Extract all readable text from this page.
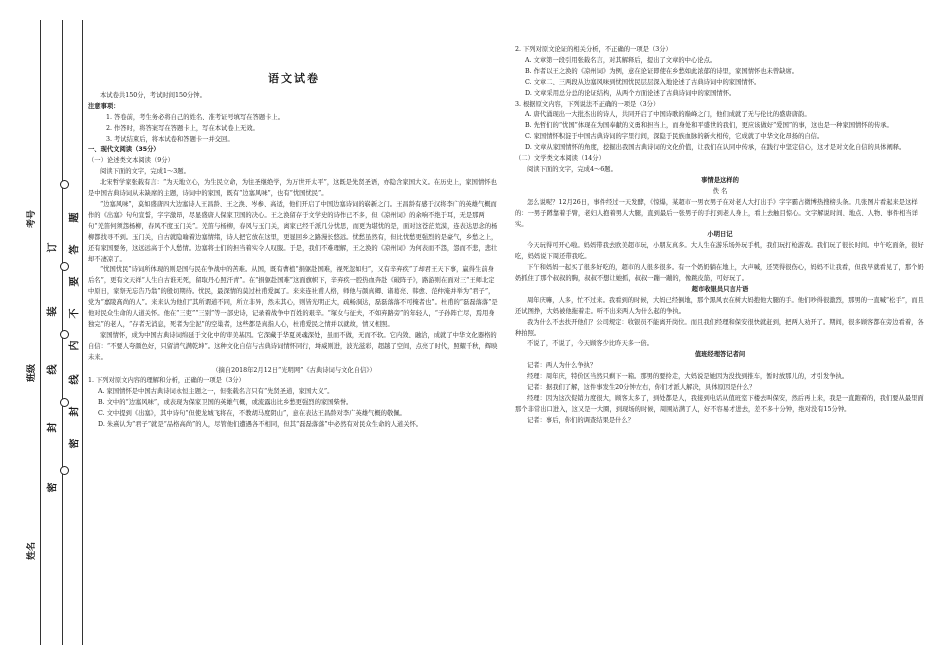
考号
班级
姓名
题
答
要
不
内
线
封
密
订
装
线
封
密
语文试卷

本试卷共150分，考试时间150分钟。

注意事项：

1. 答卷前，考生务必将自己的姓名、准考证号填写在答题卡上。

2. 作答时，将答案写在答题卡上，写在本试卷上无效。

3. 考试结束后，将本试卷和答题卡一并交回。

一、现代文阅读（35分）

（一）论述类文本阅读（9分）

阅读下面的文字，完成1～3题。

北宋哲学家张载有言：“为天地立心，为生民立命，为往圣继绝学，为万世开太平”，这既是先贤圣语，亦隐含家国大义。在历史上，家国情怀也是中国古典诗词从未缺席的主题，诗词中的家国，既有“边塞风味”，也有“忧国忧民”。

“边塞风味”，莫如盛唐四大边塞诗人王昌龄、王之涣、岑参、高适，他们开启了中国边塞诗词的崭新之门。王昌龄有感于汉将李广的英雄气概而作的《出塞》句句宣誓，字字激昂，尽显盛唐人保家卫国的决心。王之涣留存于文学史的诗作已不多，但《凉州词》的余响不绝于耳，无是那两句“羌笛何须怨杨柳，春风不度玉门关”。羌笛与杨柳，春风与玉门关，离家已经千派几分忧思，而更为堪忧的是，面对这苍茫荒漠，连表达思念的杨柳都找寻不到。玉门关，自古就隐喻着边塞情绪，诗人把它放在这里，更显回乡之路漫长悠远。忧愁虽然有，但比忧愁更强烈的是豪气，乡愁之上，还有家国要务，这远远高于个人愁情。边塞将士们的担当着实令人叹服。于是，我们不难理解，王之涣的《凉州词》为何表而不怨，怨而不悲，悲壮却不凄凉了。

“忧国忧民”诗词所体现的则是国与民在争战中的苦难。从国，既有曹植“捐躯赴国难，视死忽如归”，又有辛弃疾“了却君王天下事，赢得生前身后名”，更有文天祥“人生自古谁无死，留取丹心照汗青”。在“捐躯赴国难”这面旗帜下，辛弃疾一腔热血奔赴《破阵子》，路游则在面对三“王师北定中原日，家祭无忘告乃翁”的殷切期待。忧民，最深情的莫过杜甫爱属了。来来连社甫人格，师他与颜真卿、诸葛亮、韩愈、范仲淹并举为“君子”，党为“嘉陵髙尚的人”。来来认为他们“其所谓道不同，所立非异，然未其心，则皆光明正大，疏畅洞达，磊磊落落不可掩者也”。杜甫的“磊磊落落”是他对民众生命的人道关怀。他在“三吏”“三别”等一部史诗，记录着战争中百姓的艰辛。“塚女与征夫，不如弃路旁”的年轻人，“子孙阵亡尽，焉用身独完”的老人，“存者无消息，死者为尘泥”的空巢者，这些都是真指人心，杜甫爱民之情并以就故，情又相照。

家国情怀，成为中国古典诗词绵延于文化中的审美基因。它深藏于华夏灵魂深处，虽而不做，无而不软。它内敛、融洽，成就了中华文化器格的自信：“不要人夸颜色好，只留清气满乾坤”。这种文化自信与古典诗词情怀同行，埓威则进，波光滋彩，超越了空间，点亮了时代，照耀千秋，辉映未来。

（摘自2018年2月12日“光明网”《古典诗词与文化自信》）

1. 下列对原文内容的理解和分析，正确的一项是（3分）

A. 家国情怀是中国古典诗词永恒主题之一，但张载名言只有“先贤圣道，家国大义”。

B. 文中的“边塞风味”，或表现为保家卫国的英雄气概，或流露出比乡愁更强烈的家国柴誉。

C. 文中提到《出塞》，其中诗句“但使龙城飞将在，不教胡马度阴山”，意在表达王昌龄对李广英雄气概的敬佩。

D. 朱熹认为“君子”就是“品格高尚”的人，尽管他们遭遇各不相同，但其“磊磊落落”中必然有对民众生命的人道关怀。

2. 下列对原文论证的相关分析，不正确的一项是（3分）

A. 文章第一段引用张载名言，对其解释后，提出了文章的中心论点。

B. 作者以王之涣的《凉州词》为例，意在论证即使在乡愁如此浓郁的诗里，家国情怀也未曾缺席。

C. 文章二、三两段从边塞风味到忧国忧民层层深入地论述了古典诗词中的家国情怀。

D. 文章采用总分总的论证结构，从两个方面论述了古典诗词中的家国情怀。

3. 根据原文内容，下列说法不正确的一项是（3分）

A. 唐代涌现出一大批杰出的诗人，共同开启了中国诗歌的巅峰之门，他们成就了无与伦比的盛唐唐韵。

B. 先哲们的“忧国”体现在为国奉献的义勇和担当上，而身处和平盛世的我们，更应该做好“爱国”的事，这也是一种家国情怀的传承。

C. 家国情怀积淀于中国古典诗词的字里行间，深隐于民族血脉的新火相传，它成就了中华文化昂扬的自信。

D. 文章从家国情怀的角度，挖掘出我国古典诗词的文化价值，让我们在认同中传承，在践行中坚定信心，这才是对文化自信的具体阐释。

（二）文学类文本阅读（14分）

阅读下面的文字，完成4～6题。

事情是这样的

佚 名

怎么说呢？12月26日，事件经过一天发酵，《惊爆，某超市一男衣男子在对老人大打出手》字字霸占微博热搜榜头条。几张图片看起来是这样的：一男子蹲靠着手臂，老妇人抱着男人大腿，直到最后一张男子的手打到老人身上，看上去触目惊心。文字解说时间、地点、人物、事件相当详实。

小明日记

今天玩得可开心啦。妈妈带我去欧美超市玩，小朋友真多。大人生在游乐场外玩手机，我们玩打枪游戏。我们玩了很长时间。中午吃面条，很好吃，妈妈说下周还带我吃。

下午和妈妈一起买了很多好吃的，超市的人很多很多。有一个奶奶躺在地上，大声喊，还哭得很伤心，妈妈不让我看，但我早就看见了，那个奶奶抓住了那个叔叔的胸，叔叔不想让她抓，叔叔一蹦一蹦的，像跳皮筋，可好玩了。

超市收银员只言片语

周年庆嘛，人多，忙不过来。我看到的时候，大妈已经倒地，那个黑风衣在树大妈抱他大腿的手。他们吵得很激烈，那男的一直喊“松手”，而且还试图挣，大妈被他拖着走。听不出来两人为什么起的争执。

我为什么不去扶开他们？公司规定：收银员不能离开岗位。而且我们经理和保安很快就赶到，把两人劝开了。期间，很多顾客都在旁边看着，各种拍照。

不说了，不说了，今天顾客少比昨天多一倍。

值班经理答记者问

记者：两人为什么争执？

经理：周年庆，特价区当然只剩下一箱。那男的要拎走，大妈说是她因为没找到推车，暂时放那儿的，才引发争执。

记者：据我们了解，这件事发生20分钟左右，你们才派人解决，具体原因是什么？

经理：因为这次促销力度很大，顾客太多了，到处都是人，我接到电话从值班室下楼去叫保安，然后再上来，我是一直跑着的，我们要从最里面那个非常出口进入，这又是一大圈，到现场的时候，周围站满了人，好不容易才进去，差不多十分钟，绝对没有15分钟。

记者：事后，你们的调查结果是什么？
